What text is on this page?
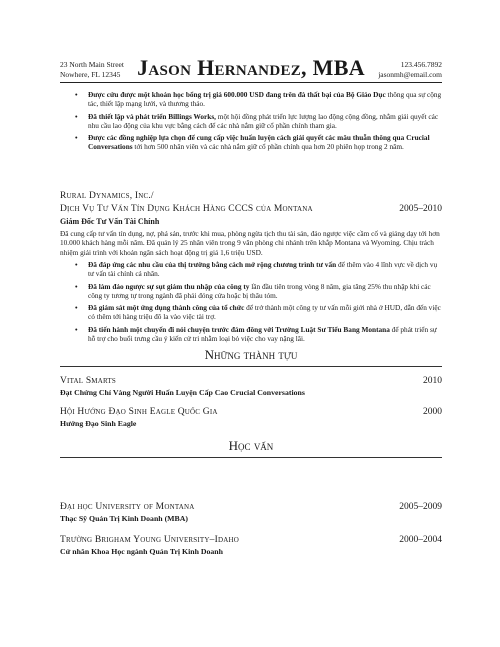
23 North Main Street
Nowhere, FL 12345 Jason Hernandez, MBA	123.456.7892
jasonmh@email.com
• Được cứu được một khoản học bổng trị giá 600.000 USD đang trên đà thất bại của Bộ Giáo Dục thông qua sự cộng tác, thiết lập mạng lưới, và thương thảo.
• Đã thiết lập và phát triển Billings Works, một hội đồng phát triển lực lượng lao động cộng đồng, nhằm giải quyết các nhu cầu lao động của khu vực bằng cách để các nhà nắm giữ cổ phần chính tham gia.
• Được các đồng nghiệp lựa chọn để cung cấp việc huấn luyện cách giải quyết các mâu thuẫn thông qua Crucial Conversations tới hơn 500 nhân viên và các nhà nắm giữ cổ phần chính qua hơn 20 phiên họp trong 2 năm.
Rural Dynamics, Inc./
Dịch Vụ Tư Vấn Tín Dụng Khách Hàng CCCS của Montana	2005–2010
Giám Đốc Tư Vấn Tài Chính
Đã cung cấp tư vấn tín dụng, nợ, phá sản, trước khi mua, phòng ngừa tịch thu tài sản, đảo ngược việc cầm cố và giảng dạy tới hơn 10.000 khách hàng mỗi năm. Đã quản lý 25 nhân viên trong 9 văn phòng chi nhánh trên khắp Montana và Wyoming. Chịu trách nhiệm giải trình với khoản ngân sách hoạt động trị giá 1,6 triệu USD.
• Đã đáp ứng các nhu cầu của thị trường bằng cách mở rộng chương trình tư vấn để thêm vào 4 lĩnh vực về dịch vụ tư vấn tài chính cá nhân.
• Đã làm đảo ngược sự sụt giảm thu nhập của công ty lần đầu tiên trong vòng 8 năm, gia tăng 25% thu nhập khi các công ty tương tự trong ngành đã phải đóng cửa hoặc bị thâu tóm.
• Đã giám sát một ứng dụng thành công của tổ chức để trở thành một công ty tư vấn mỗi giới nhà ở HUD, dẫn đến việc có thêm tới hàng triệu đô la vào việc tài trợ.
• Đã tiến hành một chuyến đi nói chuyện trước đám đông với Trường Luật Sư Tiểu Bang Montana để phát triển sự hỗ trợ cho buổi trưng cầu ý kiến cử tri nhằm loại bỏ việc cho vay nặng lãi.
Những thành tựu
Vital Smarts	2010
Đạt Chứng Chỉ Vàng Người Huấn Luyện Cấp Cao Crucial Conversations
Hội Hướng Đạo Sinh Eagle Quốc Gia	2000
Hướng Đạo Sinh Eagle
Học vấn
Đại học University of Montana	2005–2009
Thạc Sỹ Quản Trị Kinh Doanh (MBA)
Trường Brigham Young University–Idaho	2000–2004
Cử nhân Khoa Học ngành Quản Trị Kinh Doanh
